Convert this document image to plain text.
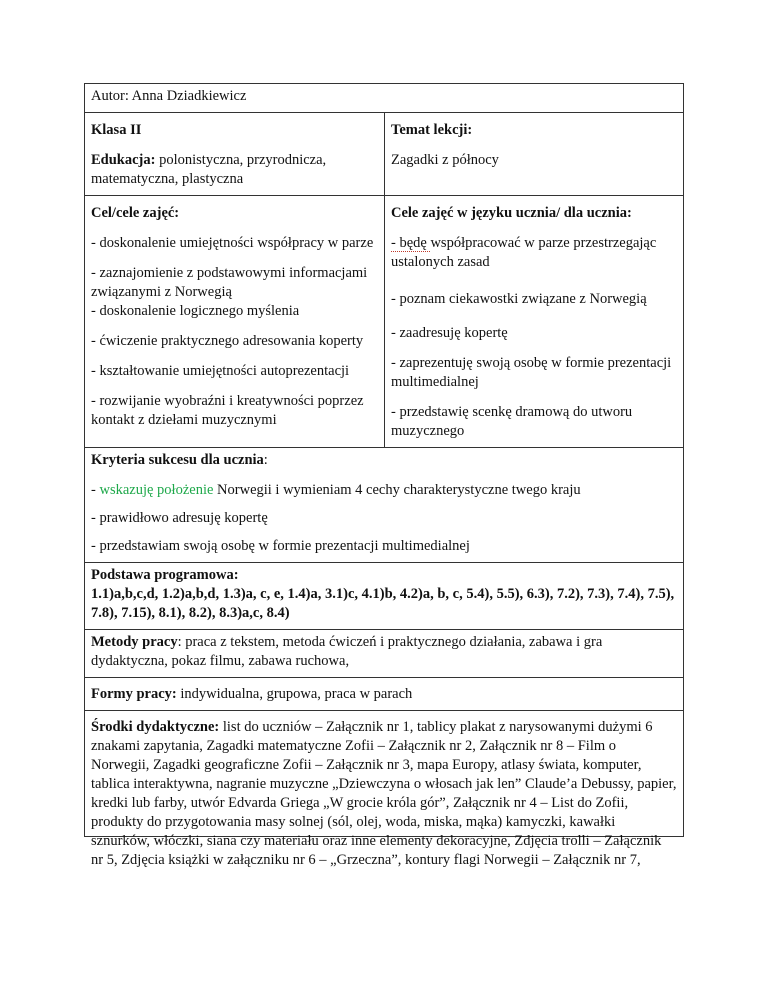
Autor: Anna Dziadkiewicz

Klasa II

Edukacja: polonistyczna, przyrodnicza, matematyczna, plastyczna

Temat lekcji:

Zagadki z północy

Cel/cele zajęć:

- doskonalenie umiejętności współpracy w parze

- zaznajomienie z podstawowymi informacjami związanymi z Norwegią

- doskonalenie logicznego myślenia

- ćwiczenie praktycznego adresowania koperty

- kształtowanie umiejętności autoprezentacji

- rozwijanie wyobraźni i kreatywności poprzez kontakt z dziełami muzycznymi

Cele zajęć w języku ucznia/ dla ucznia:

- będę współpracować w parze przestrzegając ustalonych zasad

- poznam ciekawostki związane z Norwegią

- zaadresuję kopertę

- zaprezentuję swoją osobę w formie prezentacji multimedialnej

- przedstawię scenkę dramową do utworu muzycznego

Kryteria sukcesu dla ucznia:

- wskazuję położenie Norwegii i wymieniam 4 cechy charakterystyczne twego kraju

- prawidłowo adresuję kopertę

- przedstawiam swoją osobę w formie prezentacji multimedialnej

Podstawa programowa:

1.1)a,b,c,d, 1.2)a,b,d, 1.3)a, c, e, 1.4)a, 3.1)c, 4.1)b, 4.2)a, b, c, 5.4), 5.5), 6.3), 7.2), 7.3), 7.4), 7.5), 7.8), 7.15), 8.1), 8.2), 8.3)a,c, 8.4)

Metody pracy: praca z tekstem, metoda ćwiczeń i praktycznego działania, zabawa i gra dydaktyczna, pokaz filmu, zabawa ruchowa,

Formy pracy: indywidualna, grupowa, praca w parach

Środki dydaktyczne: list do uczniów – Załącznik nr 1, tablicy plakat z narysowanymi dużymi 6 znakami zapytania, Zagadki matematyczne Zofii – Załącznik nr 2, Załącznik nr 8 – Film o Norwegii, Zagadki geograficzne Zofii – Załącznik nr 3, mapa Europy, atlasy świata, komputer, tablica interaktywna, nagranie muzyczne „Dziewczyna o włosach jak len” Claude’a Debussy, papier, kredki lub farby, utwór Edvarda Griega „W grocie króla gór”, Załącznik nr 4 – List do Zofii, produkty do przygotowania masy solnej (sól, olej, woda, miska, mąka) kamyczki, kawałki sznurków, włóczki, siana czy materiału oraz inne elementy dekoracyjne, Zdjęcia trolli – Załącznik nr 5, Zdjęcia książki w załączniku nr 6 – „Grzeczna”, kontury flagi Norwegii – Załącznik nr 7,
